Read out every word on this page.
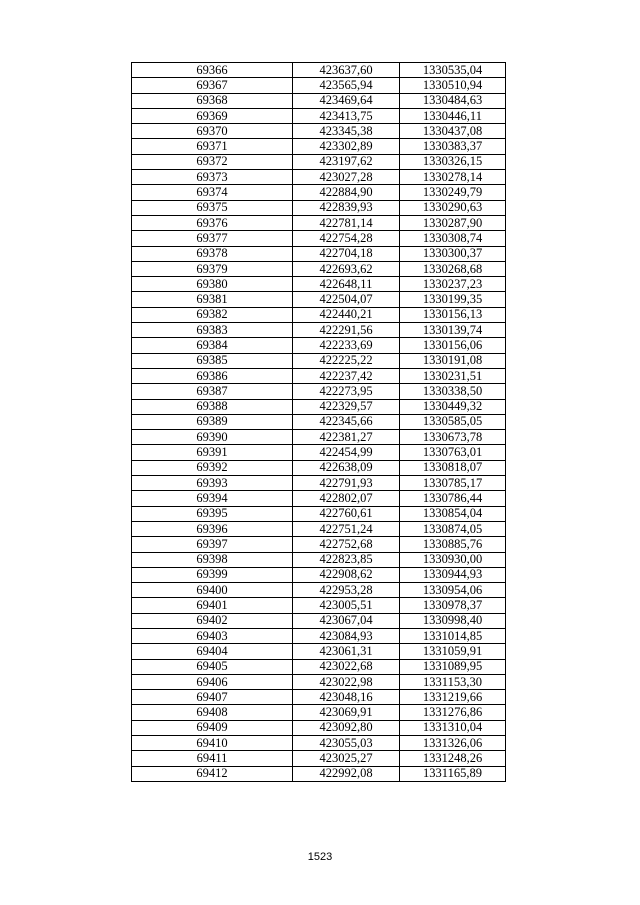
69366	423637,60	1330535,04
69367	423565,94	1330510,94
69368	423469,64	1330484,63
69369	423413,75	1330446,11
69370	423345,38	1330437,08
69371	423302,89	1330383,37
69372	423197,62	1330326,15
69373	423027,28	1330278,14
69374	422884,90	1330249,79
69375	422839,93	1330290,63
69376	422781,14	1330287,90
69377	422754,28	1330308,74
69378	422704,18	1330300,37
69379	422693,62	1330268,68
69380	422648,11	1330237,23
69381	422504,07	1330199,35
69382	422440,21	1330156,13
69383	422291,56	1330139,74
69384	422233,69	1330156,06
69385	422225,22	1330191,08
69386	422237,42	1330231,51
69387	422273,95	1330338,50
69388	422329,57	1330449,32
69389	422345,66	1330585,05
69390	422381,27	1330673,78
69391	422454,99	1330763,01
69392	422638,09	1330818,07
69393	422791,93	1330785,17
69394	422802,07	1330786,44
69395	422760,61	1330854,04
69396	422751,24	1330874,05
69397	422752,68	1330885,76
69398	422823,85	1330930,00
69399	422908,62	1330944,93
69400	422953,28	1330954,06
69401	423005,51	1330978,37
69402	423067,04	1330998,40
69403	423084,93	1331014,85
69404	423061,31	1331059,91
69405	423022,68	1331089,95
69406	423022,98	1331153,30
69407	423048,16	1331219,66
69408	423069,91	1331276,86
69409	423092,80	1331310,04
69410	423055,03	1331326,06
69411	423025,27	1331248,26
69412	422992,08	1331165,89
1523
